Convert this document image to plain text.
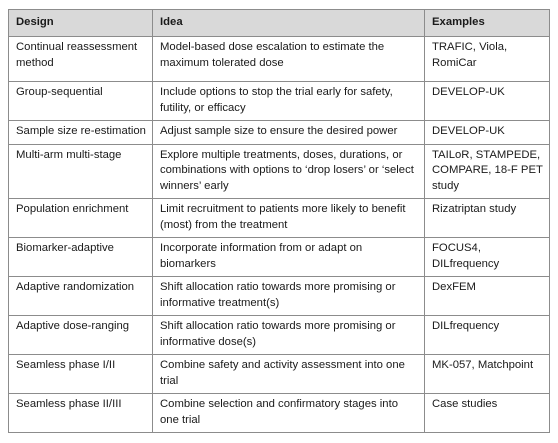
Design	Idea	Examples
Continual reassessment method	Model-based dose escalation to estimate the maximum tolerated dose	TRAFIC, Viola, RomiCar
Group-sequential	Include options to stop the trial early for safety, futility, or efficacy	DEVELOP-UK
Sample size re-estimation	Adjust sample size to ensure the desired power	DEVELOP-UK
Multi-arm multi-stage	Explore multiple treatments, doses, durations, or combinations with options to ‘drop losers’ or ‘select winners’ early	TAILoR, STAMPEDE, COMPARE, 18-F PET study
Population enrichment	Limit recruitment to patients more likely to benefit (most) from the treatment	Rizatriptan study
Biomarker-adaptive	Incorporate information from or adapt on biomarkers	FOCUS4, DILfrequency
Adaptive randomization	Shift allocation ratio towards more promising or informative treatment(s)	DexFEM
Adaptive dose-ranging	Shift allocation ratio towards more promising or informative dose(s)	DILfrequency
Seamless phase I/II	Combine safety and activity assessment into one trial	MK-057, Matchpoint
Seamless phase II/III	Combine selection and confirmatory stages into one trial	Case studies
